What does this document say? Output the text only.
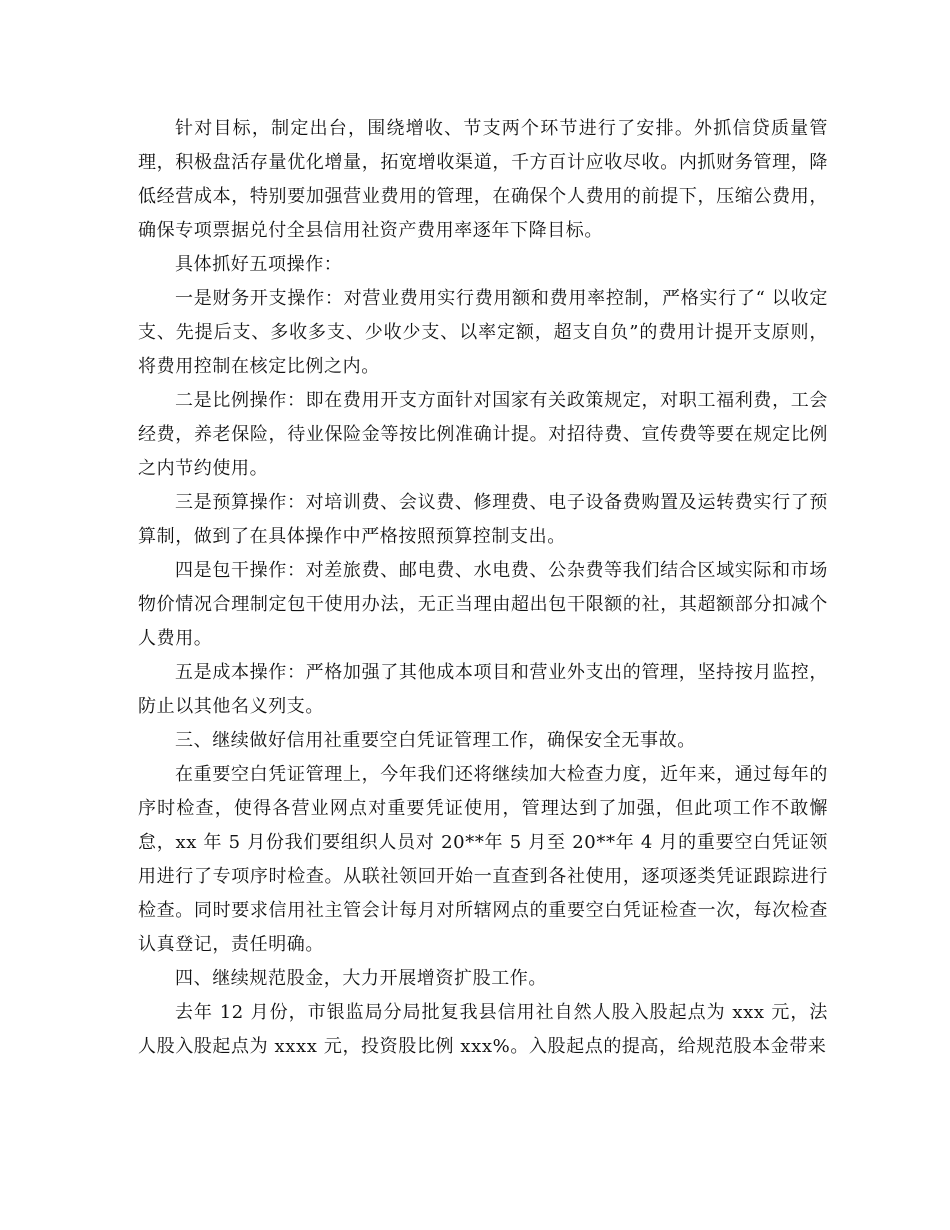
针对目标，制定出台，围绕增收、节支两个环节进行了安排。外抓信贷质量管理，积极盘活存量优化增量，拓宽增收渠道，千方百计应收尽收。内抓财务管理，降低经营成本，特别要加强营业费用的管理，在确保个人费用的前提下，压缩公费用，确保专项票据兑付全县信用社资产费用率逐年下降目标。

具体抓好五项操作：

一是财务开支操作：对营业费用实行费用额和费用率控制，严格实行了“ 以收定支、先提后支、多收多支、少收少支、以率定额，超支自负”的费用计提开支原则，将费用控制在核定比例之内。

二是比例操作：即在费用开支方面针对国家有关政策规定，对职工福利费，工会经费，养老保险，待业保险金等按比例准确计提。对招待费、宣传费等要在规定比例之内节约使用。

三是预算操作：对培训费、会议费、修理费、电子设备费购置及运转费实行了预算制，做到了在具体操作中严格按照预算控制支出。

四是包干操作：对差旅费、邮电费、水电费、公杂费等我们结合区域实际和市场物价情况合理制定包干使用办法，无正当理由超出包干限额的社，其超额部分扣减个人费用。

五是成本操作：严格加强了其他成本项目和营业外支出的管理，坚持按月监控，防止以其他名义列支。

三、继续做好信用社重要空白凭证管理工作，确保安全无事故。

在重要空白凭证管理上，今年我们还将继续加大检查力度，近年来，通过每年的序时检查，使得各营业网点对重要凭证使用，管理达到了加强，但此项工作不敢懈怠，xx 年 5 月份我们要组织人员对 20**年 5 月至 20**年 4 月的重要空白凭证领用进行了专项序时检查。从联社领回开始一直查到各社使用，逐项逐类凭证跟踪进行检查。同时要求信用社主管会计每月对所辖网点的重要空白凭证检查一次，每次检查认真登记，责任明确。

四、继续规范股金，大力开展增资扩股工作。

去年 12 月份，市银监局分局批复我县信用社自然人股入股起点为 xxx 元，法人股入股起点为 xxxx 元，投资股比例 xxx%。入股起点的提高，给规范股本金带来
